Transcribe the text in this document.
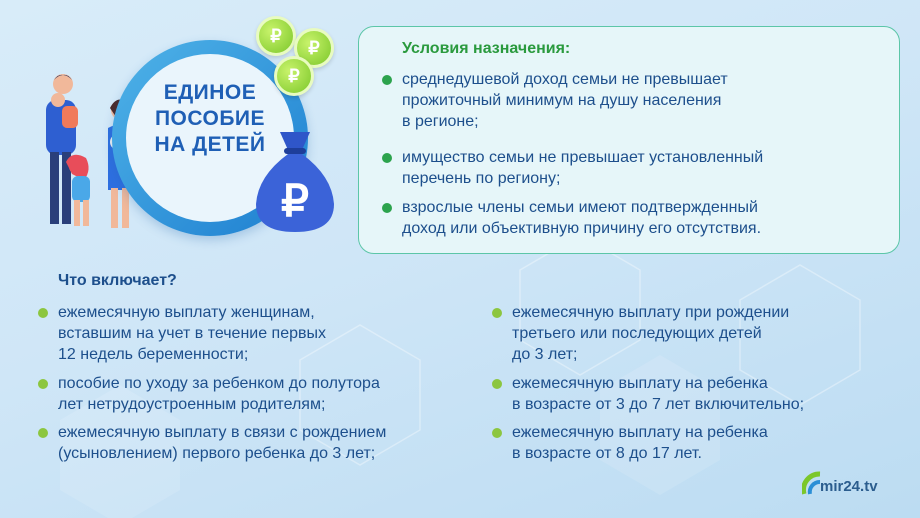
ЕДИНОЕ
ПОСОБИЕ
НА ДЕТЕЙ
₽
₽
₽
₽
Условия назначения:
среднедушевой доход семьи не превышает
прожиточный минимум на душу населения
в регионе;
имущество семьи не превышает установленный
перечень по региону;
взрослые члены семьи имеют подтвержденный
доход или объективную причину его отсутствия.
Что включает?
ежемесячную выплату женщинам,
вставшим на учет в течение первых
12 недель беременности;
пособие по уходу за ребенком до полутора
лет нетрудоустроенным родителям;
ежемесячную выплату в связи с рождением
(усыновлением) первого ребенка до 3 лет;
ежемесячную выплату при рождении
третьего или последующих детей
до 3 лет;
ежемесячную выплату на ребенка
в возрасте от 3 до 7 лет включительно;
ежемесячную выплату на ребенка
в возрасте от 8 до 17 лет.
mir24.tv
